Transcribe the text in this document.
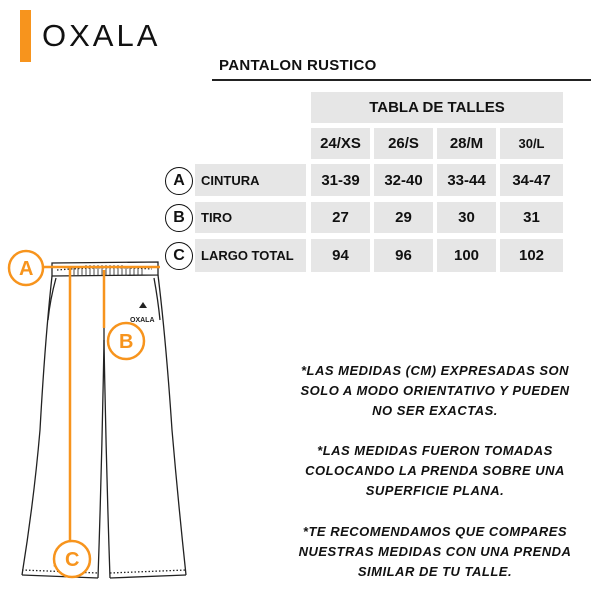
OXALA
PANTALON RUSTICO
TABLA DE TALLES
24/XS	26/S	28/M	30/L
A	CINTURA	31-39	32-40	33-44	34-47
B	TIRO	27	29	30	31
C	LARGO TOTAL	94	96	100	102
OXALA
A
B
C
*LAS MEDIDAS (CM) EXPRESADAS SON
SOLO A MODO ORIENTATIVO Y PUEDEN
NO SER EXACTAS.
*LAS MEDIDAS FUERON TOMADAS
COLOCANDO LA PRENDA SOBRE UNA
SUPERFICIE PLANA.
*TE RECOMENDAMOS QUE COMPARES
NUESTRAS MEDIDAS CON UNA PRENDA
SIMILAR DE TU TALLE.
